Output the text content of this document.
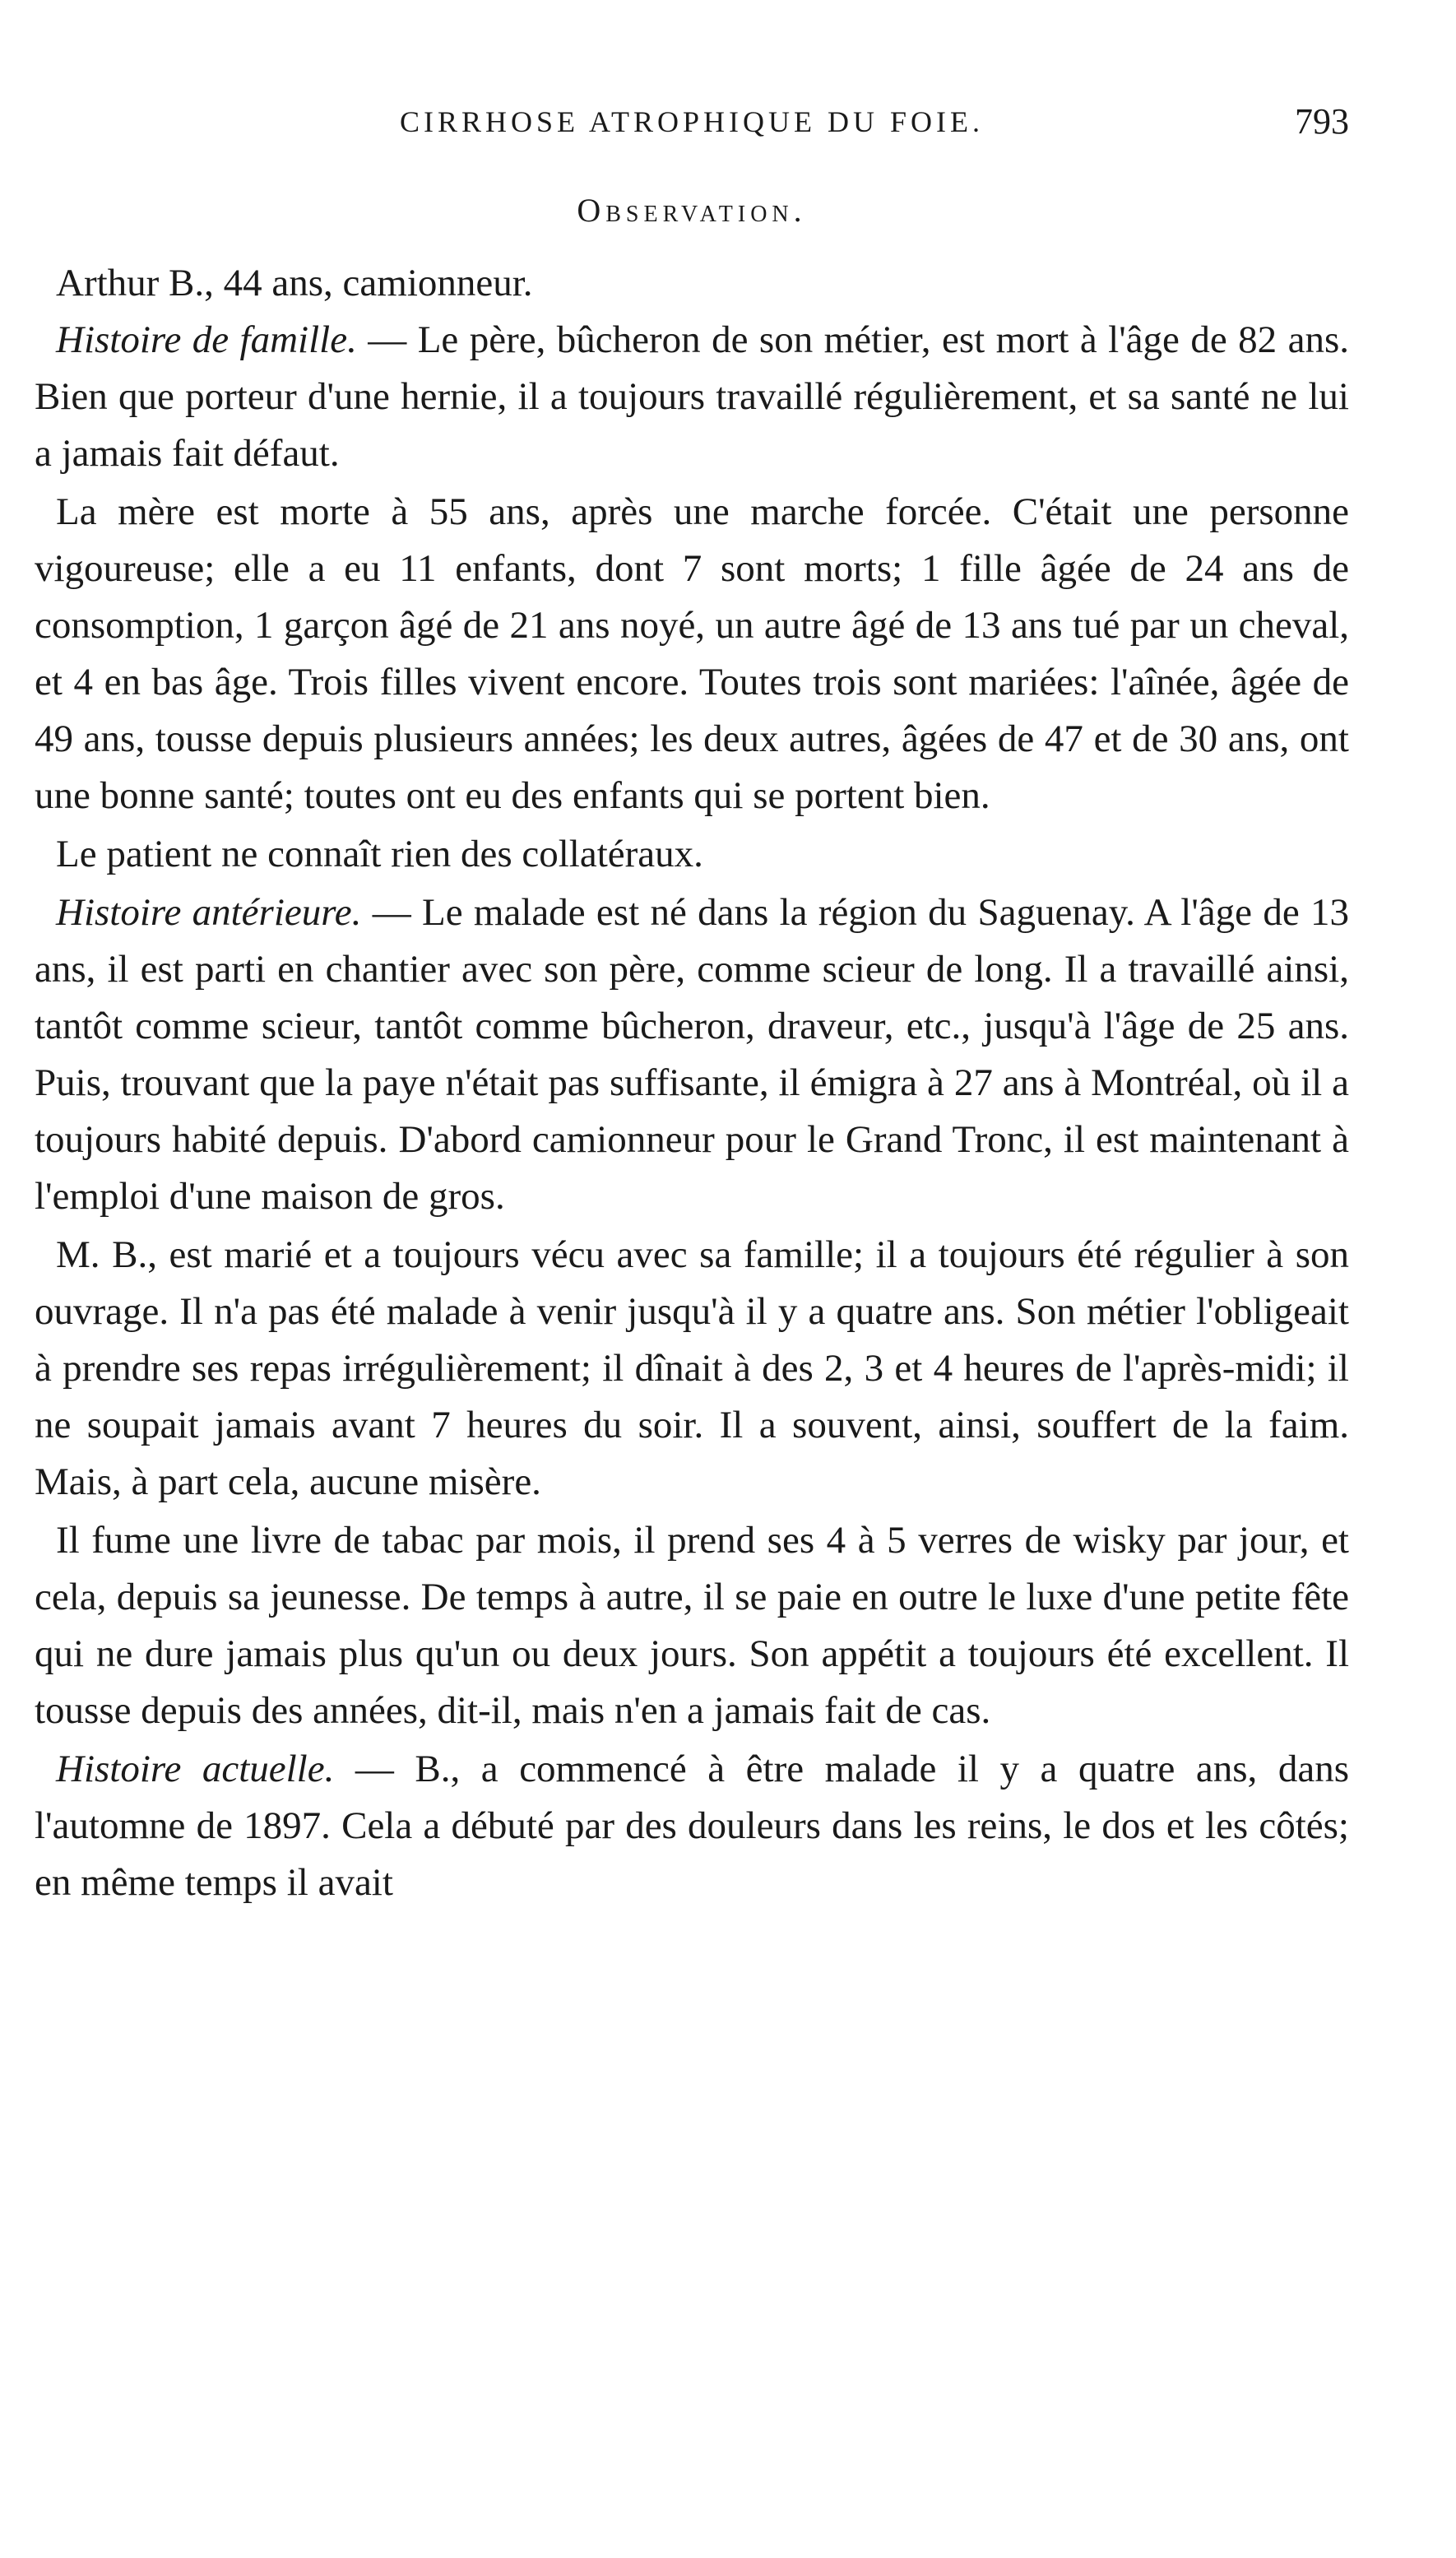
CIRRHOSE ATROPHIQUE DU FOIE.	793
Observation.

Arthur B., 44 ans, camionneur.

Histoire de famille. — Le père, bûcheron de son métier, est mort à l'âge de 82 ans. Bien que porteur d'une hernie, il a toujours travaillé régulièrement, et sa santé ne lui a jamais fait défaut.

La mère est morte à 55 ans, après une marche forcée. C'était une personne vigoureuse; elle a eu 11 enfants, dont 7 sont morts; 1 fille âgée de 24 ans de consomption, 1 garçon âgé de 21 ans noyé, un autre âgé de 13 ans tué par un cheval, et 4 en bas âge. Trois filles vivent encore. Toutes trois sont mariées: l'aînée, âgée de 49 ans, tousse depuis plusieurs années; les deux autres, âgées de 47 et de 30 ans, ont une bonne santé; toutes ont eu des enfants qui se portent bien.

Le patient ne connaît rien des collatéraux.

Histoire antérieure. — Le malade est né dans la région du Saguenay. A l'âge de 13 ans, il est parti en chantier avec son père, comme scieur de long. Il a travaillé ainsi, tantôt comme scieur, tantôt comme bûcheron, draveur, etc., jusqu'à l'âge de 25 ans. Puis, trouvant que la paye n'était pas suffisante, il émigra à 27 ans à Montréal, où il a toujours habité depuis. D'abord camionneur pour le Grand Tronc, il est maintenant à l'emploi d'une maison de gros.

M. B., est marié et a toujours vécu avec sa famille; il a toujours été régulier à son ouvrage. Il n'a pas été malade à venir jusqu'à il y a quatre ans. Son métier l'obligeait à prendre ses repas irrégulièrement; il dînait à des 2, 3 et 4 heures de l'après-midi; il ne soupait jamais avant 7 heures du soir. Il a souvent, ainsi, souffert de la faim. Mais, à part cela, aucune misère.

Il fume une livre de tabac par mois, il prend ses 4 à 5 verres de wisky par jour, et cela, depuis sa jeunesse. De temps à autre, il se paie en outre le luxe d'une petite fête qui ne dure jamais plus qu'un ou deux jours. Son appétit a toujours été excellent. Il tousse depuis des années, dit-il, mais n'en a jamais fait de cas.

Histoire actuelle. — B., a commencé à être malade il y a quatre ans, dans l'automne de 1897. Cela a débuté par des douleurs dans les reins, le dos et les côtés; en même temps il avait
